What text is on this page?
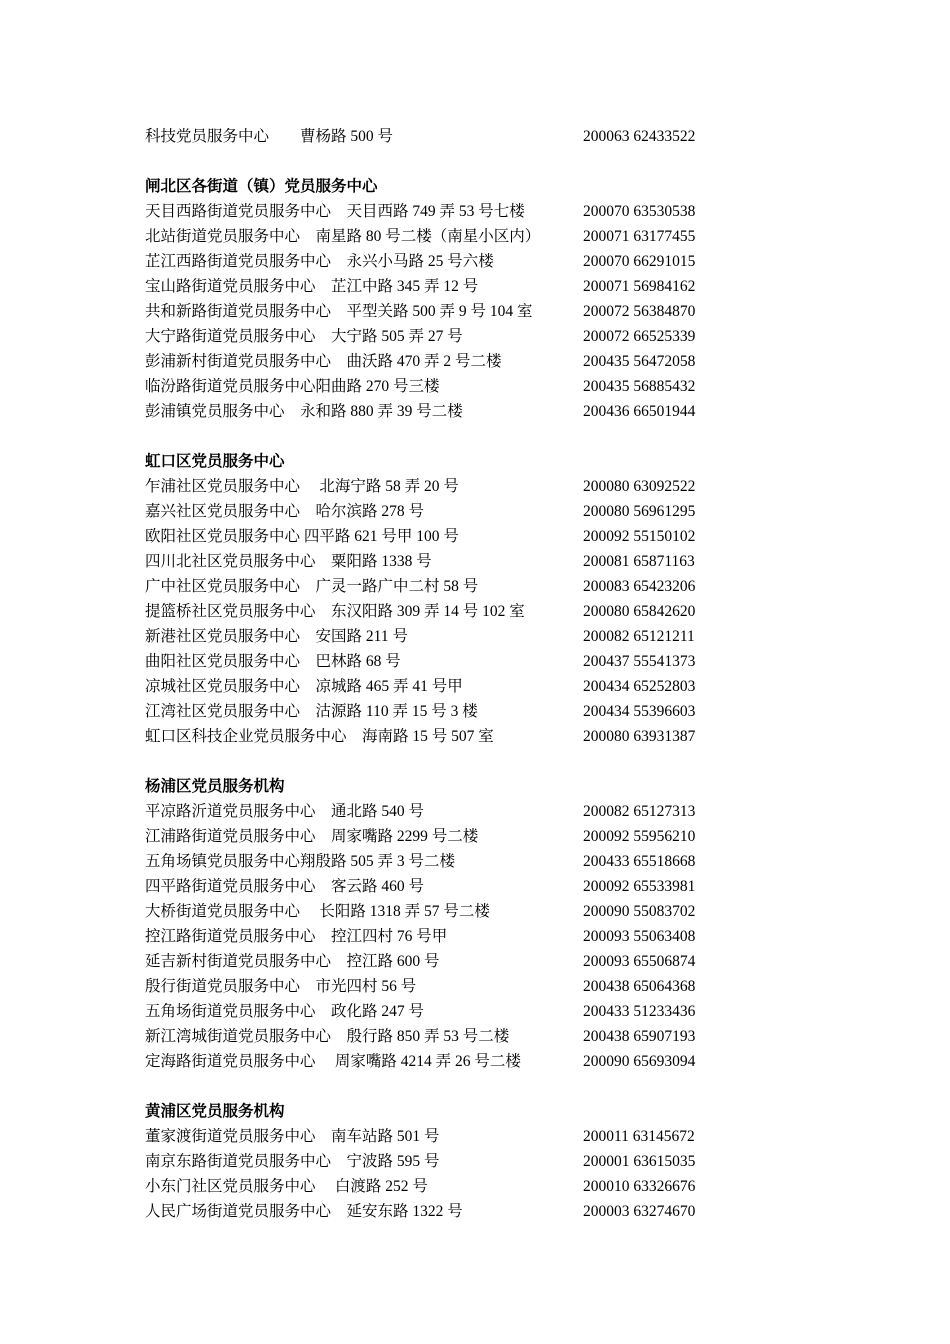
科技党员服务中心　　 曹杨路 500 号	200063 62433522
闸北区各街道（镇）党员服务中心
天目西路街道党员服务中心　 天目西路 749 弄 53 号七楼	200070 63530538
北站街道党员服务中心　 南星路 80 号二楼（南星小区内）	200071 63177455
芷江西路街道党员服务中心　 永兴小马路 25 号六楼	200070 66291015
宝山路街道党员服务中心　 芷江中路 345 弄 12 号	200071 56984162
共和新路街道党员服务中心　 平型关路 500 弄 9 号 104 室	200072 56384870
大宁路街道党员服务中心　 大宁路 505 弄 27 号	200072 66525339
彭浦新村街道党员服务中心　 曲沃路 470 弄 2 号二楼	200435 56472058
临汾路街道党员服务中心阳曲路 270 号三楼	200435 56885432
彭浦镇党员服务中心　 永和路 880 弄 39 号二楼	200436 66501944
虹口区党员服务中心
乍浦社区党员服务中心　 北海宁路 58 弄 20 号	200080 63092522
嘉兴社区党员服务中心　 哈尔滨路 278 号	200080 56961295
欧阳社区党员服务中心 四平路 621 号甲 100 号	200092 55150102
四川北社区党员服务中心　 粟阳路 1338 号	200081 65871163
广中社区党员服务中心　 广灵一路广中二村 58 号	200083 65423206
提篮桥社区党员服务中心　 东汉阳路 309 弄 14 号 102 室	200080 65842620
新港社区党员服务中心　 安国路 211 号	200082 65121211
曲阳社区党员服务中心　 巴林路 68 号	200437 55541373
凉城社区党员服务中心　 凉城路 465 弄 41 号甲	200434 65252803
江湾社区党员服务中心　 沽源路 110 弄 15 号 3 楼	200434 55396603
虹口区科技企业党员服务中心　 海南路 15 号 507 室	200080 63931387
杨浦区党员服务机构
平凉路沂道党员服务中心　 通北路 540 号	200082 65127313
江浦路街道党员服务中心　 周家嘴路 2299 号二楼	200092 55956210
五角场镇党员服务中心翔殷路 505 弄 3 号二楼	200433 65518668
四平路街道党员服务中心　 客云路 460 号	200092 65533981
大桥街道党员服务中心　 长阳路 1318 弄 57 号二楼	200090 55083702
控江路街道党员服务中心　 控江四村 76 号甲	200093 55063408
延吉新村街道党员服务中心　 控江路 600 号	200093 65506874
殷行街道党员服务中心　 市光四村 56 号	200438 65064368
五角场街道党员服务中心　 政化路 247 号	200433 51233436
新江湾城街道党员服务中心　 殷行路 850 弄 53 号二楼	200438 65907193
定海路街道党员服务中心　 周家嘴路 4214 弄 26 号二楼	200090 65693094
黄浦区党员服务机构
董家渡街道党员服务中心　 南车站路 501 号	200011 63145672
南京东路街道党员服务中心　 宁波路 595 号	200001 63615035
小东门社区党员服务中心　 白渡路 252 号	200010 63326676
人民广场街道党员服务中心　 延安东路 1322 号	200003 63274670
